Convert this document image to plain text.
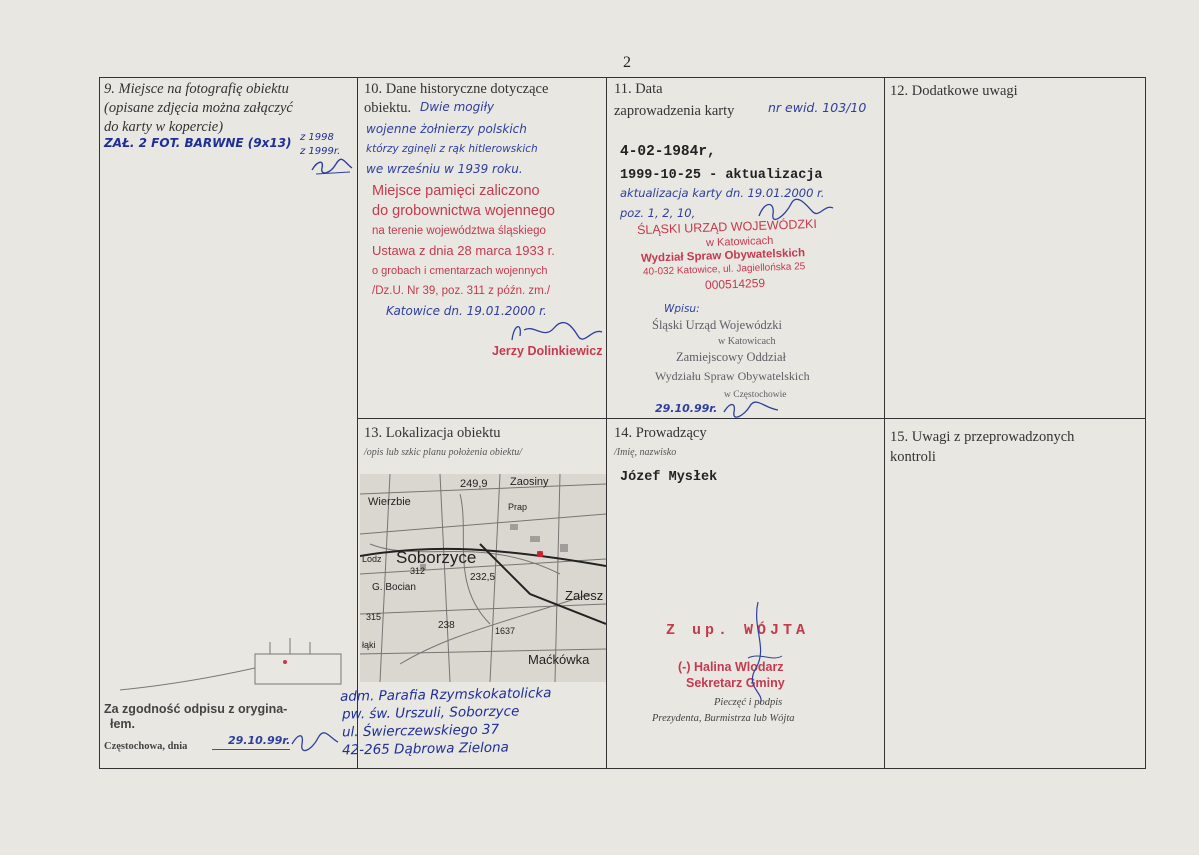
2
9. Miejsce na fotografię obiektu
(opisane zdjęcia można załączyć
do karty w kopercie)
ZAŁ. 2 FOT. BARWNE (9x13) z 1998
z 1999r.
10. Dane historyczne dotyczące
obiektu. Dwie mogiły
wojenne żołnierzy polskich
którzy zginęli z rąk hitlerowskich
we wrześniu w 1939 roku.
Miejsce pamięci zaliczono
do grobownictwa wojennego
na terenie województwa śląskiego
Ustawa z dnia 28 marca 1933 r.
o grobach i cmentarzach wojennych
/Dz.U. Nr 39, poz. 311 z późn. zm./
Katowice dn. 19.01.2000 r.
Jerzy Dolinkiewicz
11. Data
zaprowadzenia karty	nr ewid. 103/10
4-02-1984r,
1999-10-25 - aktualizacja
aktualizacja karty dn. 19.01.2000 r.
poz. 1, 2, 10,
ŚLĄSKI URZĄD WOJEWÓDZKI
w Katowicach
Wydział Spraw Obywatelskich
40-032 Katowice, ul. Jagiellońska 25
000514259
Wpisu:
Śląski Urząd Wojewódzki
w Katowicach
Zamiejscowy Oddział
Wydziału Spraw Obywatelskich
w Częstochowie
29.10.99r.
12. Dodatkowe uwagi
13. Lokalizacja obiektu
/opis lub szkic planu położenia obiektu/
249,9 Zaosiny
Wierzbie
Soborzyce
312
232,5
G. Bocian
Zalesz
238	1637
Maćkówka
315
łąki
Lodz
Prap
14. Prowadzący
/Imię, nazwisko
Józef Mysłek
Z up. WÓJTA
(-) Halina Wlodarz
Sekretarz Gminy
Pieczęć i podpis
Prezydenta, Burmistrza lub Wójta
15. Uwagi z przeprowadzonych
kontroli
Za zgodność odpisu z orygina-
łem.
Częstochowa, dnia	29.10.99r.
adm. Parafia Rzymskokatolicka
pw. św. Urszuli, Soborzyce
ul. Świerczewskiego 37
42-265 Dąbrowa Zielona
